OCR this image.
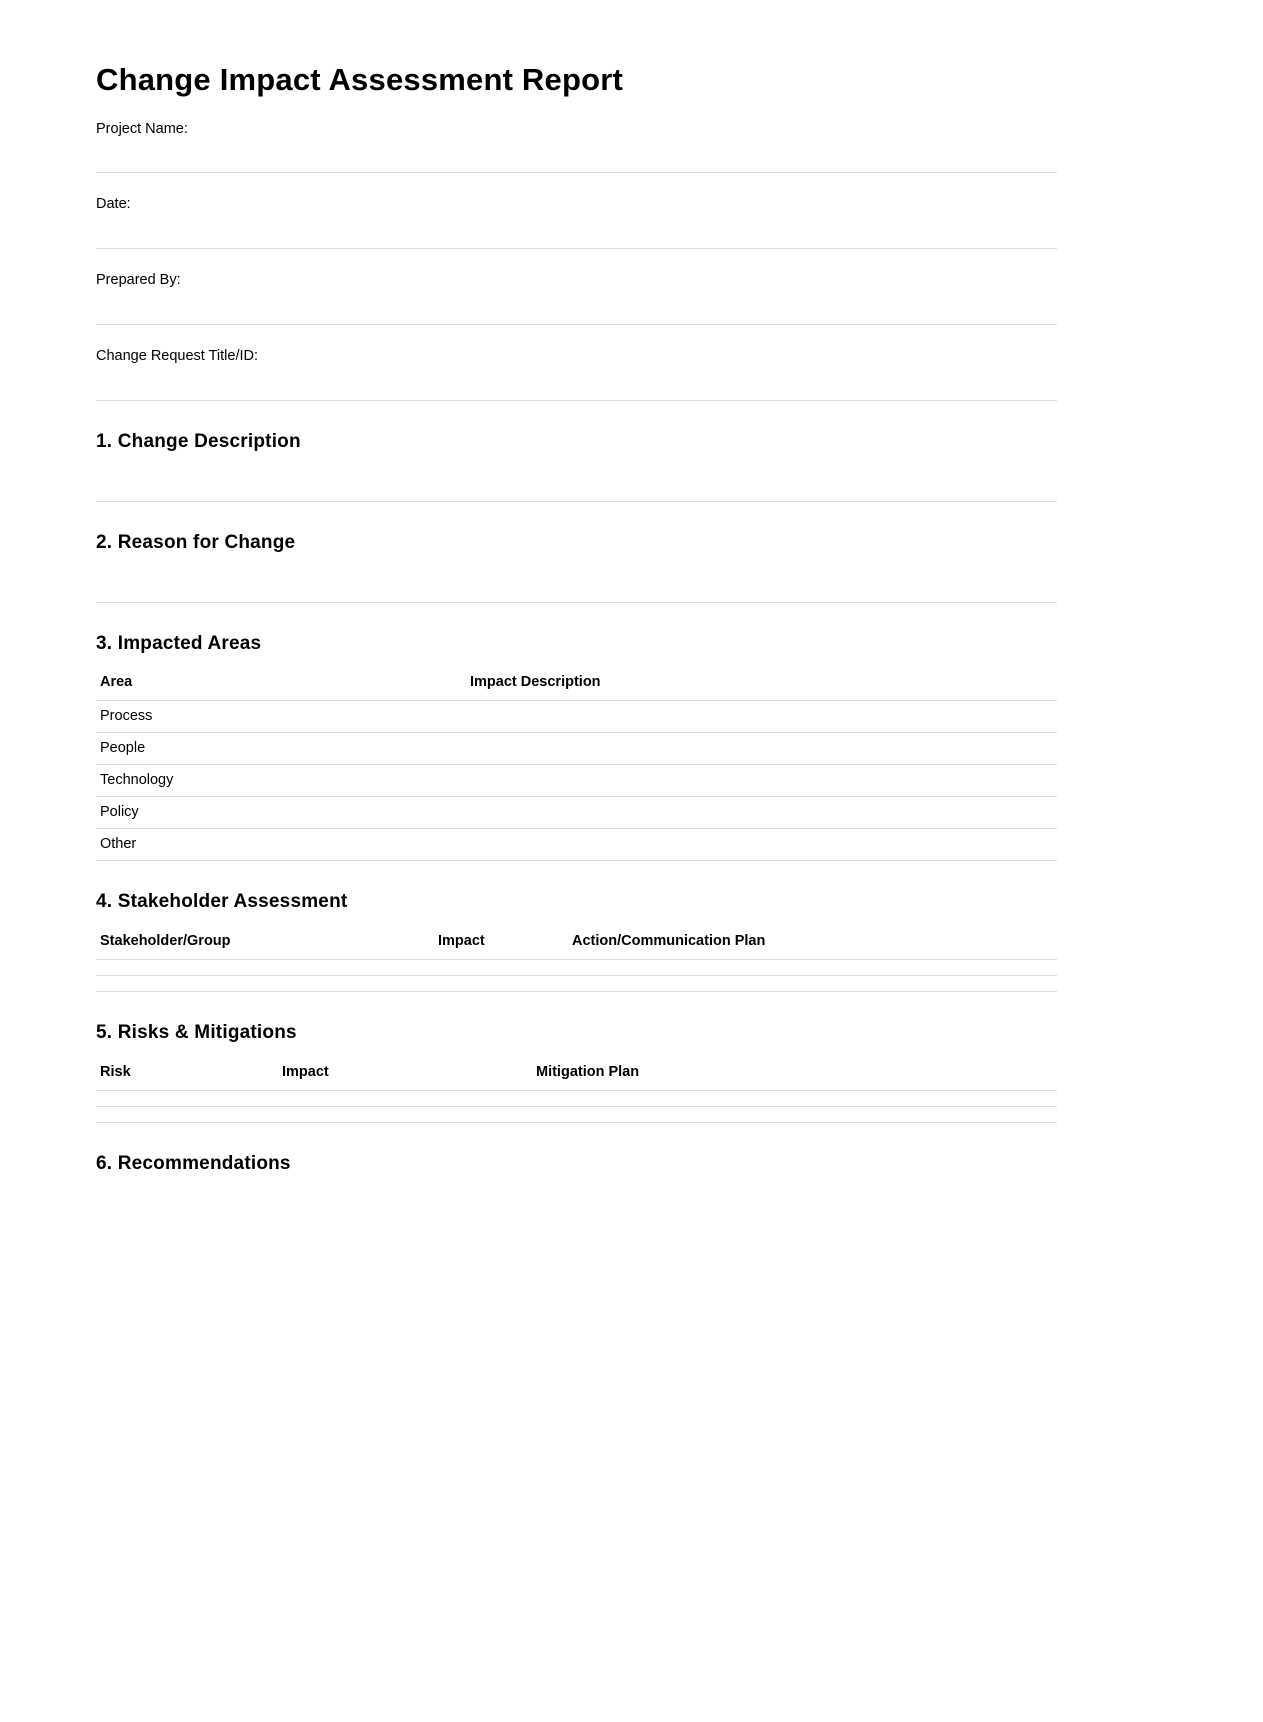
Change Impact Assessment Report
Project Name:
Date:
Prepared By:
Change Request Title/ID:
1. Change Description
2. Reason for Change
3. Impacted Areas
Area	Impact Description
Process	
People	
Technology	
Policy	
Other	
4. Stakeholder Assessment
Stakeholder/Group	Impact	Action/Communication Plan

5. Risks & Mitigations
Risk	Impact	Mitigation Plan

6. Recommendations
